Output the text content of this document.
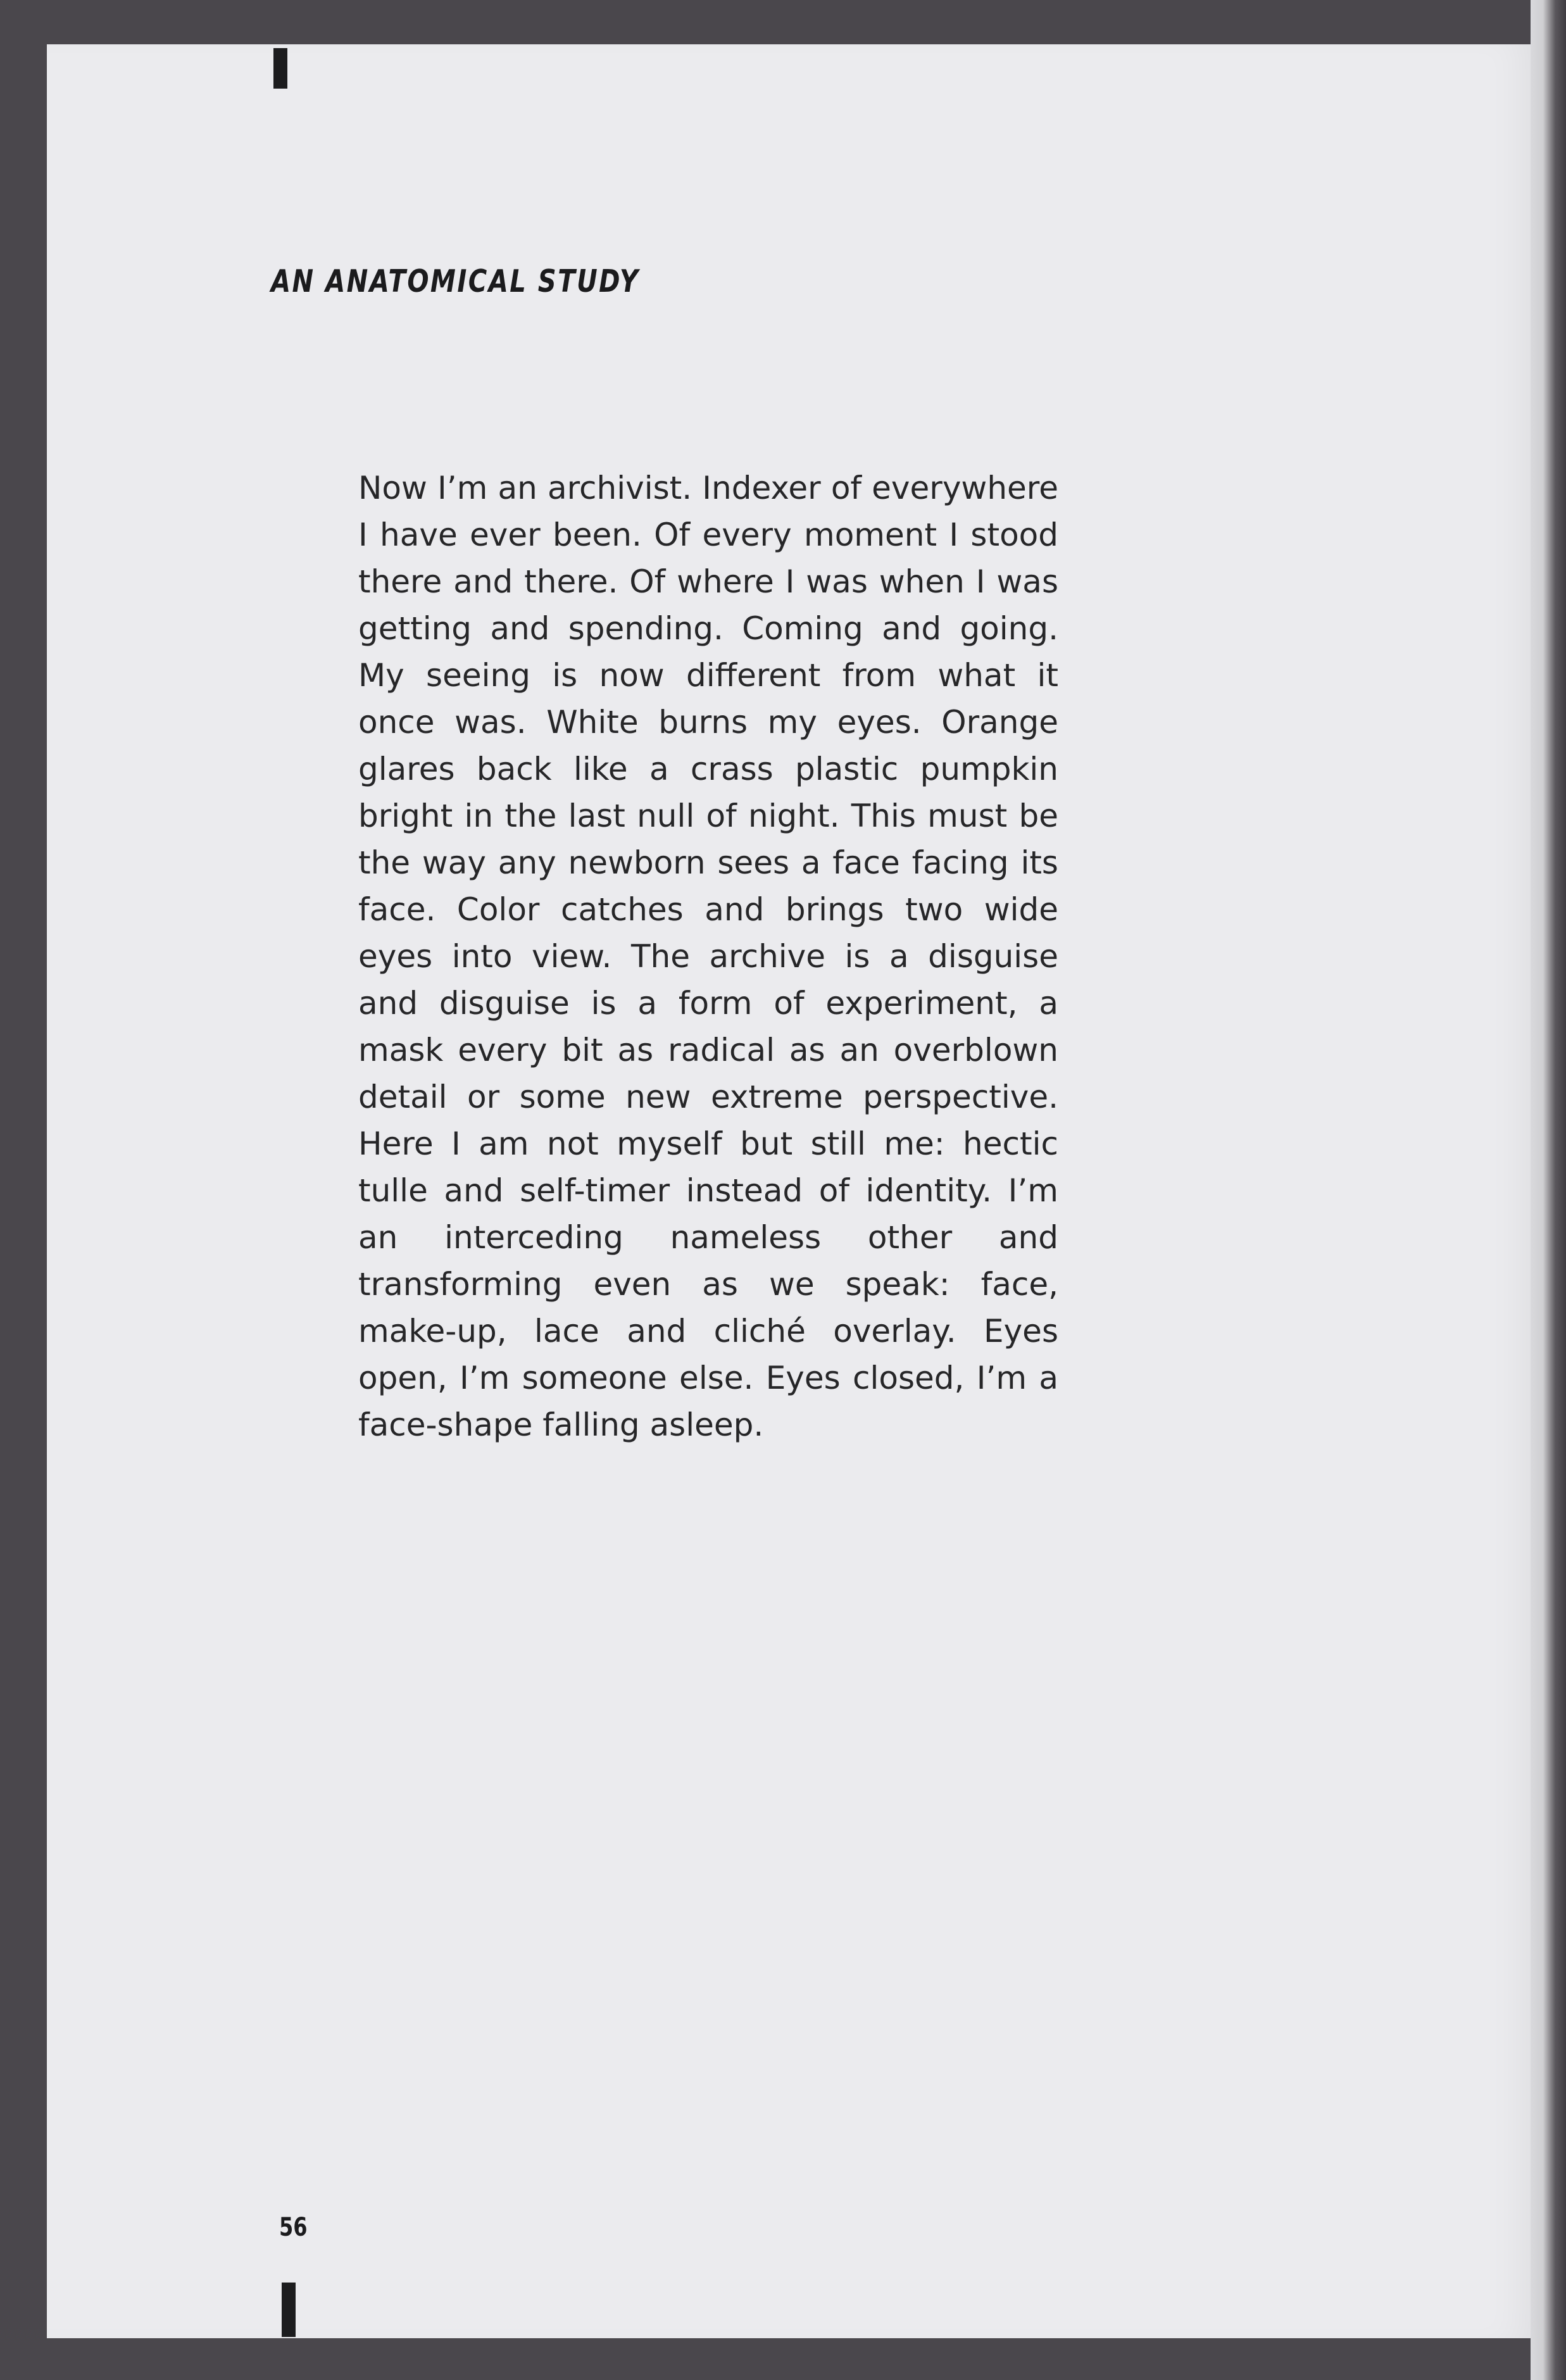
AN ANATOMICAL STUDY

Now I’m an archivist. Indexer of everywhere I have ever been. Of every moment I stood there and there. Of where I was when I was getting and spending. Coming and going. My seeing is now different from what it once was. White burns my eyes. Orange glares back like a crass plastic pumpkin bright in the last null of night. This must be the way any newborn sees a face facing its face. Color catches and brings two wide eyes into view. The archive is a disguise and disguise is a form of experiment, a mask every bit as radical as an overblown detail or some new extreme perspective. Here I am not myself but still me: hectic tulle and self-timer instead of identity. I’m an interceding nameless other and transforming even as we speak: face, make-up, lace and cliché overlay. Eyes open, I’m someone else. Eyes closed, I’m a face-shape falling asleep.

56
